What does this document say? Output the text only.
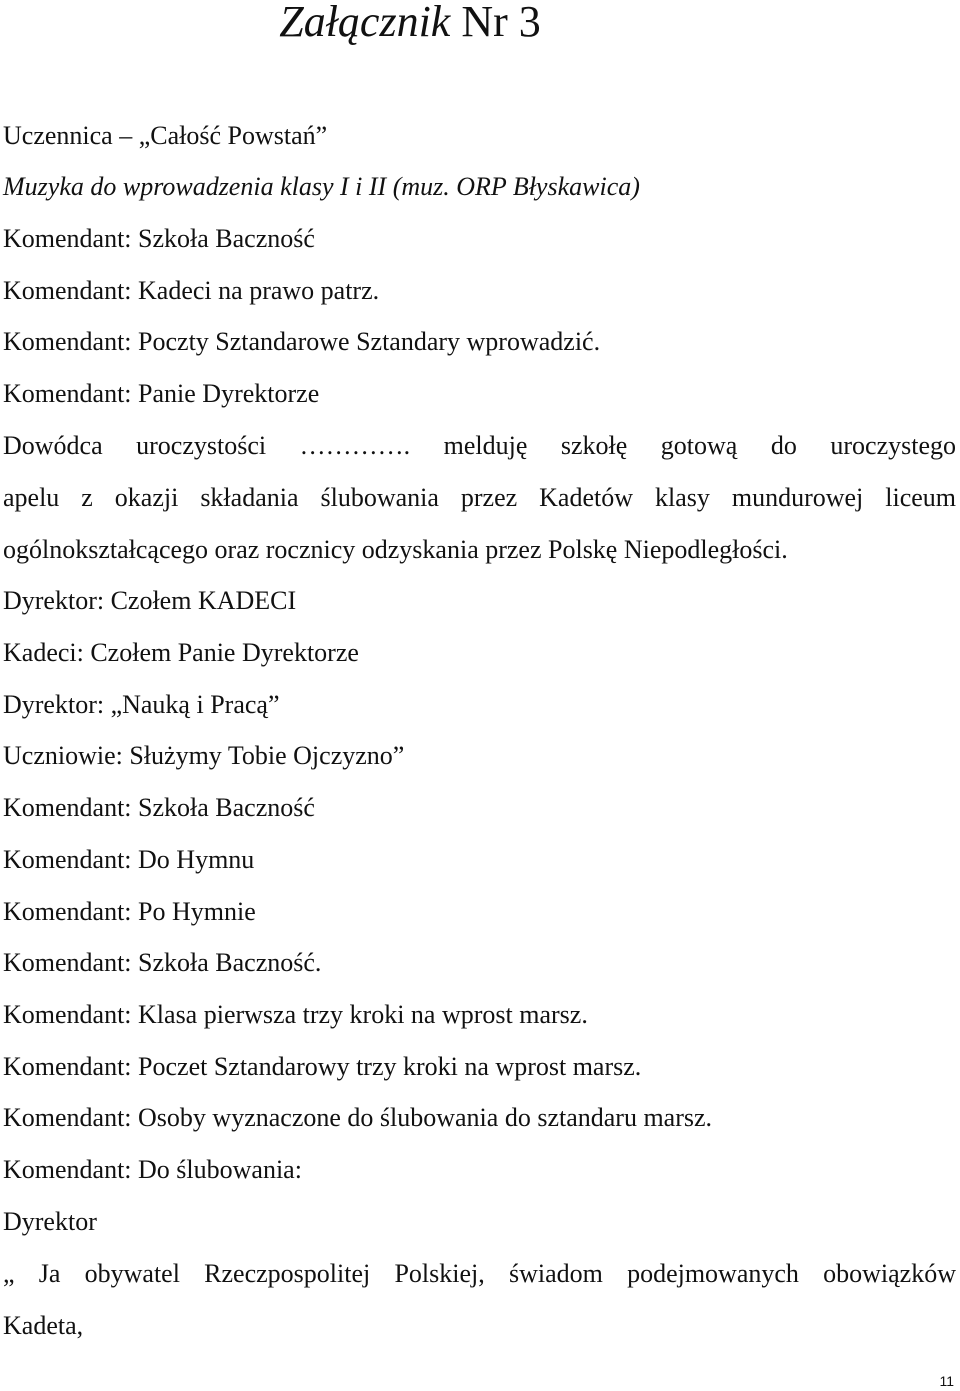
Załącznik Nr 3
Uczennica – „Całość Powstań”
Muzyka do wprowadzenia klasy I i II (muz. ORP Błyskawica)
Komendant: Szkoła Baczność
Komendant: Kadeci na prawo patrz.
Komendant: Poczty Sztandarowe Sztandary wprowadzić.
Komendant: Panie Dyrektorze
Dowódca uroczystości …………. melduję szkołę gotową do uroczystego
apelu z okazji składania ślubowania przez Kadetów klasy mundurowej liceum
ogólnokształcącego oraz rocznicy odzyskania przez Polskę Niepodległości.
Dyrektor: Czołem KADECI
Kadeci: Czołem Panie Dyrektorze
Dyrektor: „Nauką i Pracą”
Uczniowie: Służymy Tobie Ojczyzno”
Komendant: Szkoła Baczność
Komendant: Do Hymnu
Komendant: Po Hymnie
Komendant: Szkoła Baczność.
Komendant: Klasa pierwsza trzy kroki na wprost marsz.
Komendant: Poczet Sztandarowy trzy kroki na wprost marsz.
Komendant: Osoby wyznaczone do ślubowania do sztandaru marsz.
Komendant: Do ślubowania:
Dyrektor
„ Ja obywatel Rzeczpospolitej Polskiej, świadom podejmowanych obowiązków
Kadeta,
11
